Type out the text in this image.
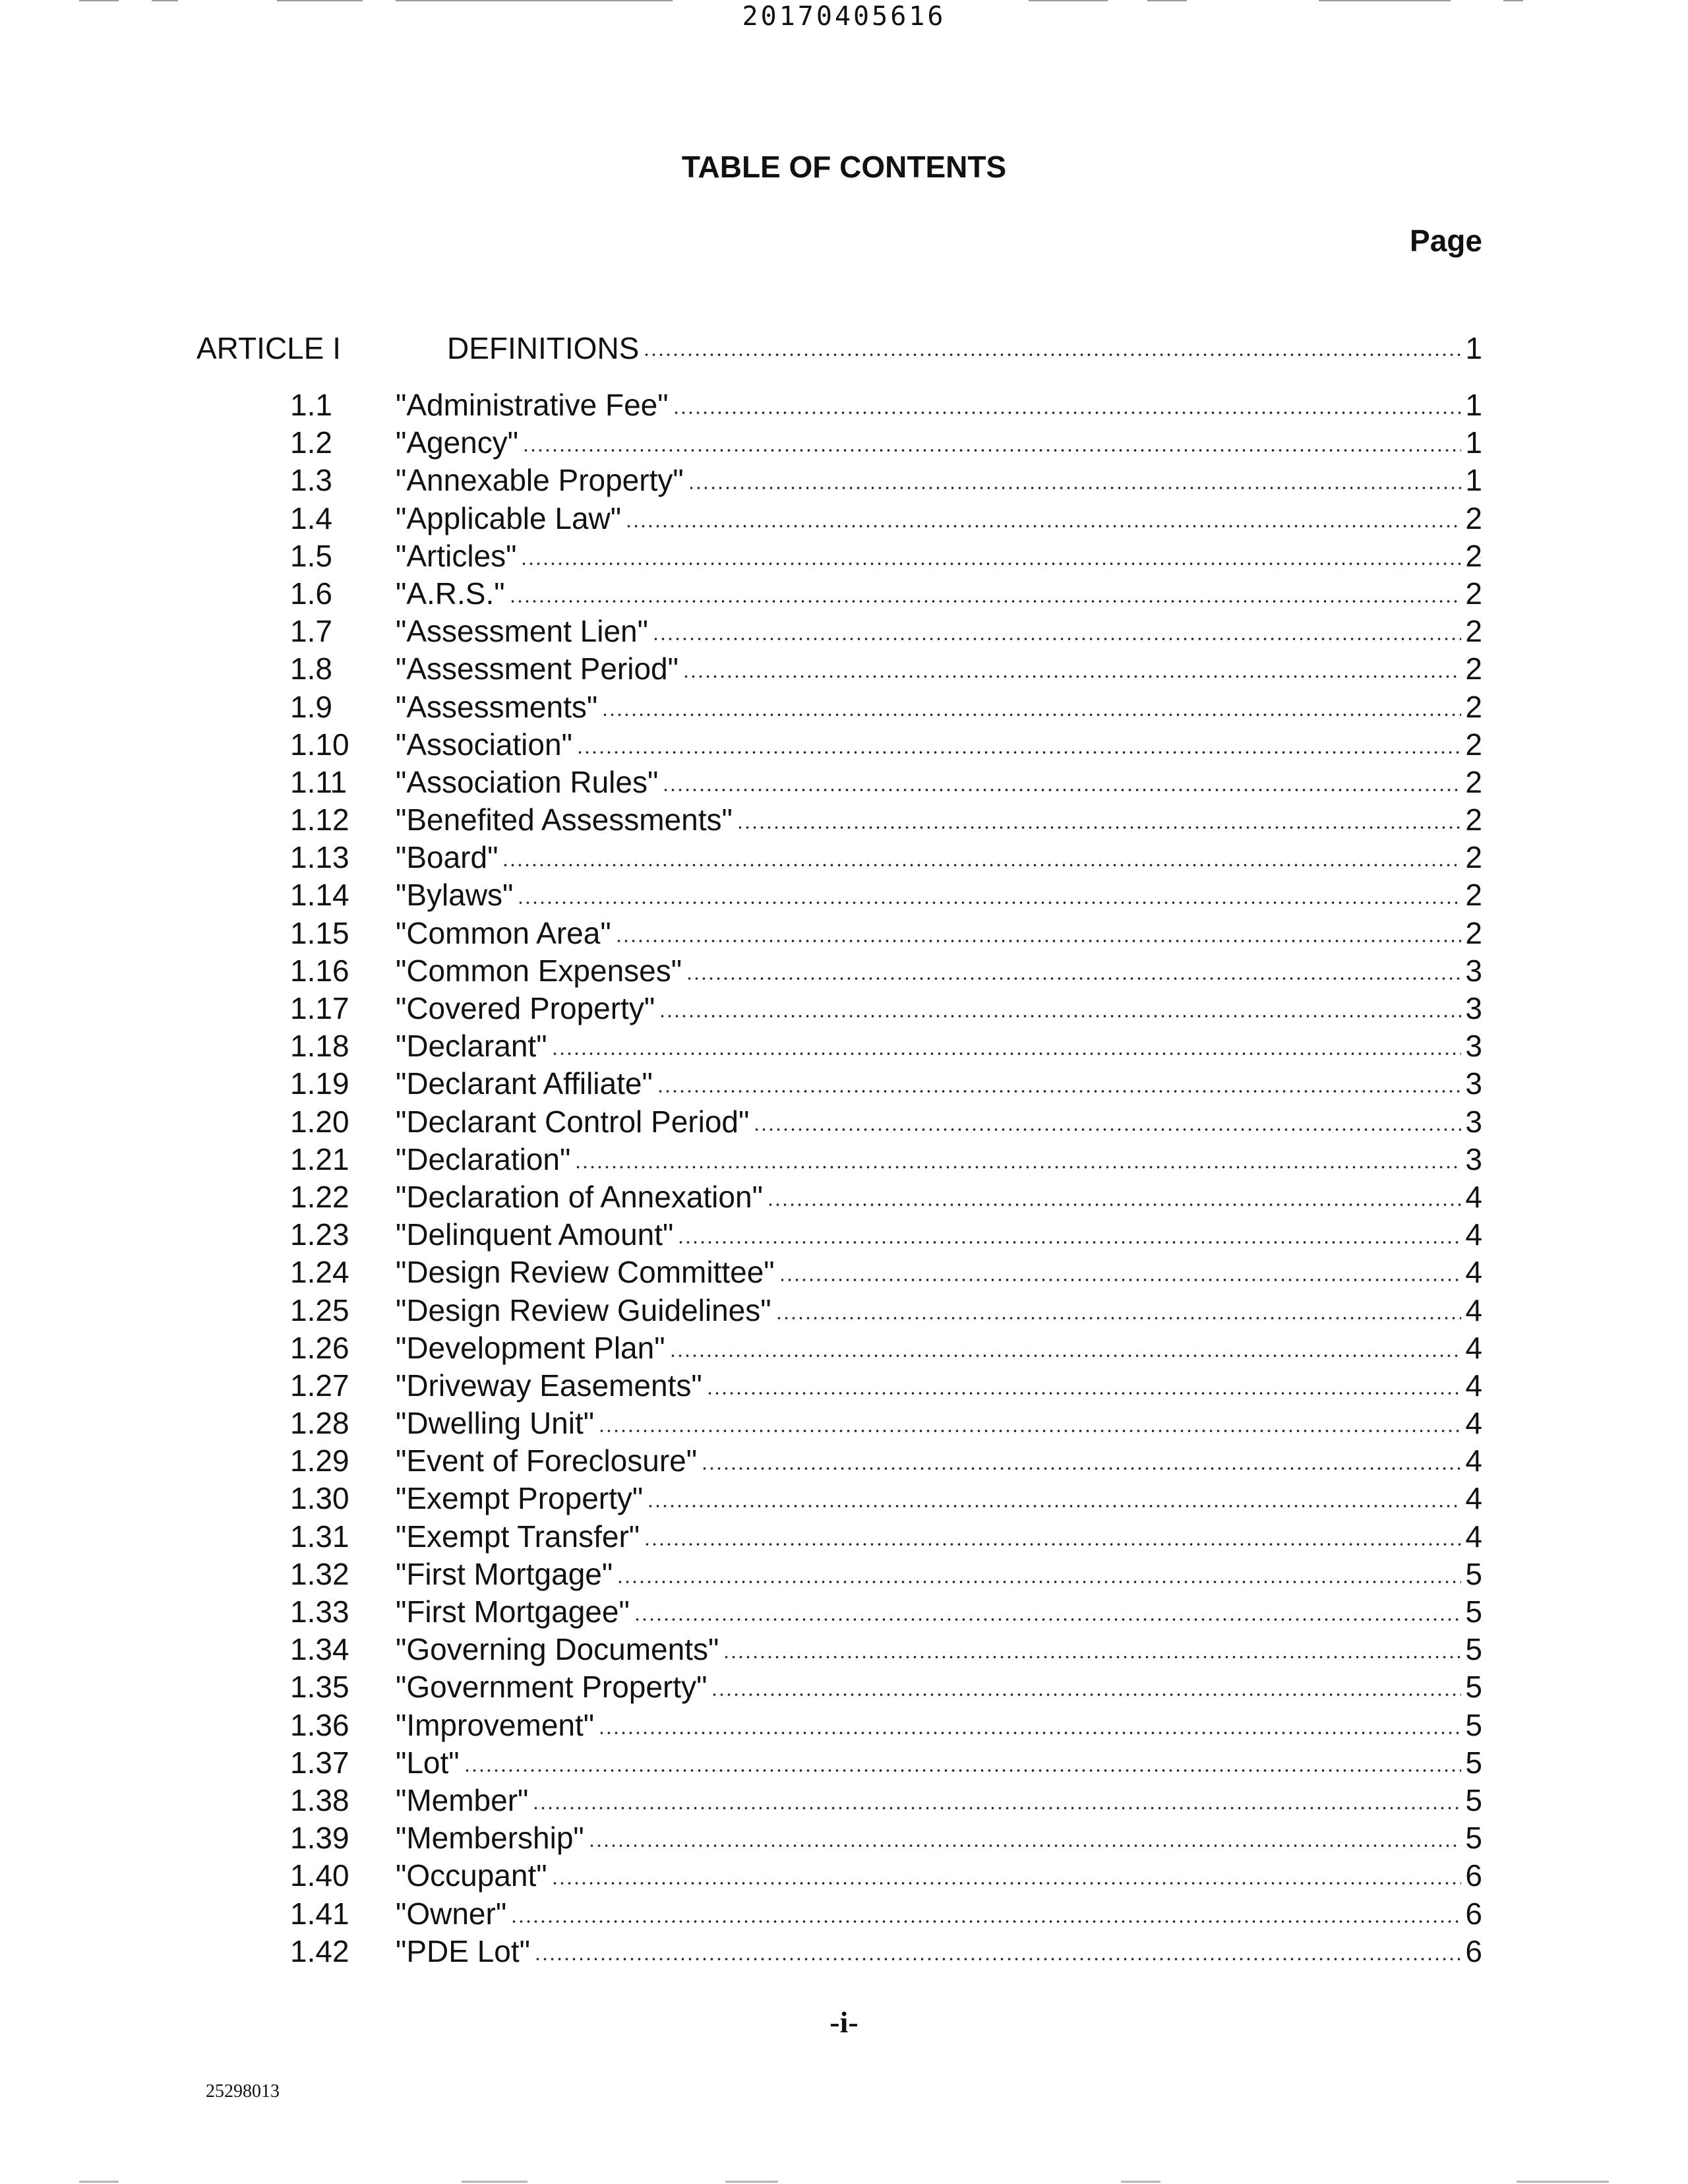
20170405616
TABLE OF CONTENTS
Page
ARTICLE I	DEFINITIONS	1
1.1	"Administrative Fee"	1
1.2	"Agency"	1
1.3	"Annexable Property"	1
1.4	"Applicable Law"	2
1.5	"Articles"	2
1.6	"A.R.S."	2
1.7	"Assessment Lien"	2
1.8	"Assessment Period"	2
1.9	"Assessments"	2
1.10	"Association"	2
1.11	"Association Rules"	2
1.12	"Benefited Assessments"	2
1.13	"Board"	2
1.14	"Bylaws"	2
1.15	"Common Area"	2
1.16	"Common Expenses"	3
1.17	"Covered Property"	3
1.18	"Declarant"	3
1.19	"Declarant Affiliate"	3
1.20	"Declarant Control Period"	3
1.21	"Declaration"	3
1.22	"Declaration of Annexation"	4
1.23	"Delinquent Amount"	4
1.24	"Design Review Committee"	4
1.25	"Design Review Guidelines"	4
1.26	"Development Plan"	4
1.27	"Driveway Easements"	4
1.28	"Dwelling Unit"	4
1.29	"Event of Foreclosure"	4
1.30	"Exempt Property"	4
1.31	"Exempt Transfer"	4
1.32	"First Mortgage"	5
1.33	"First Mortgagee"	5
1.34	"Governing Documents"	5
1.35	"Government Property"	5
1.36	"Improvement"	5
1.37	"Lot"	5
1.38	"Member"	5
1.39	"Membership"	5
1.40	"Occupant"	6
1.41	"Owner"	6
1.42	"PDE Lot"	6
-i-
25298013
